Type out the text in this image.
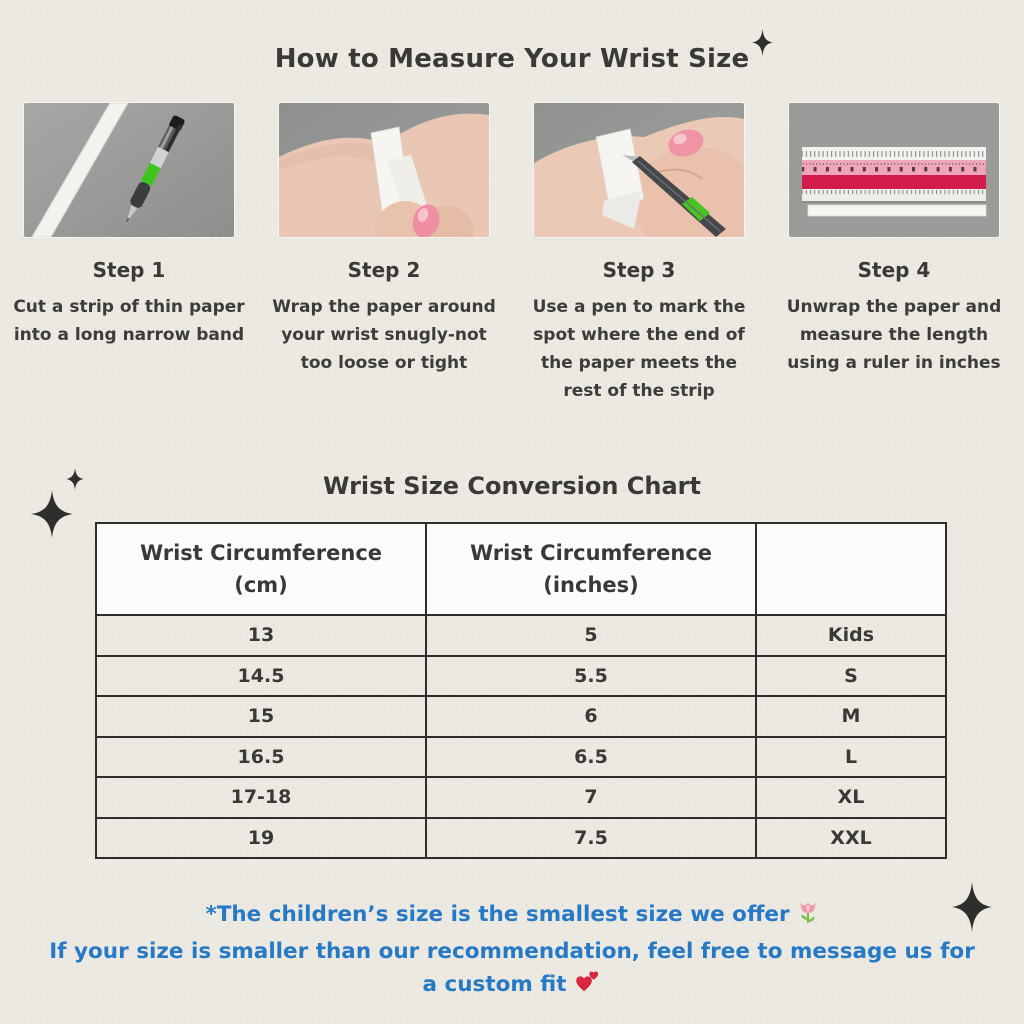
How to Measure Your Wrist Size
Step 1
Cut a strip of thin paper into a long narrow band
Step 2
Wrap the paper around your wrist snugly-not too loose or tight
Step 3
Use a pen to mark the spot where the end of the paper meets the rest of the strip
Step 4
Unwrap the paper and measure the length using a ruler in inches
Wrist Size Conversion Chart
Wrist Circumference (cm)	Wrist Circumference (inches)	
13	5	Kids
14.5	5.5	S
15	6	M
16.5	6.5	L
17-18	7	XL
19	7.5	XXL
*The children’s size is the smallest size we offer
If your size is smaller than our recommendation, feel free to message us for
a custom fit
